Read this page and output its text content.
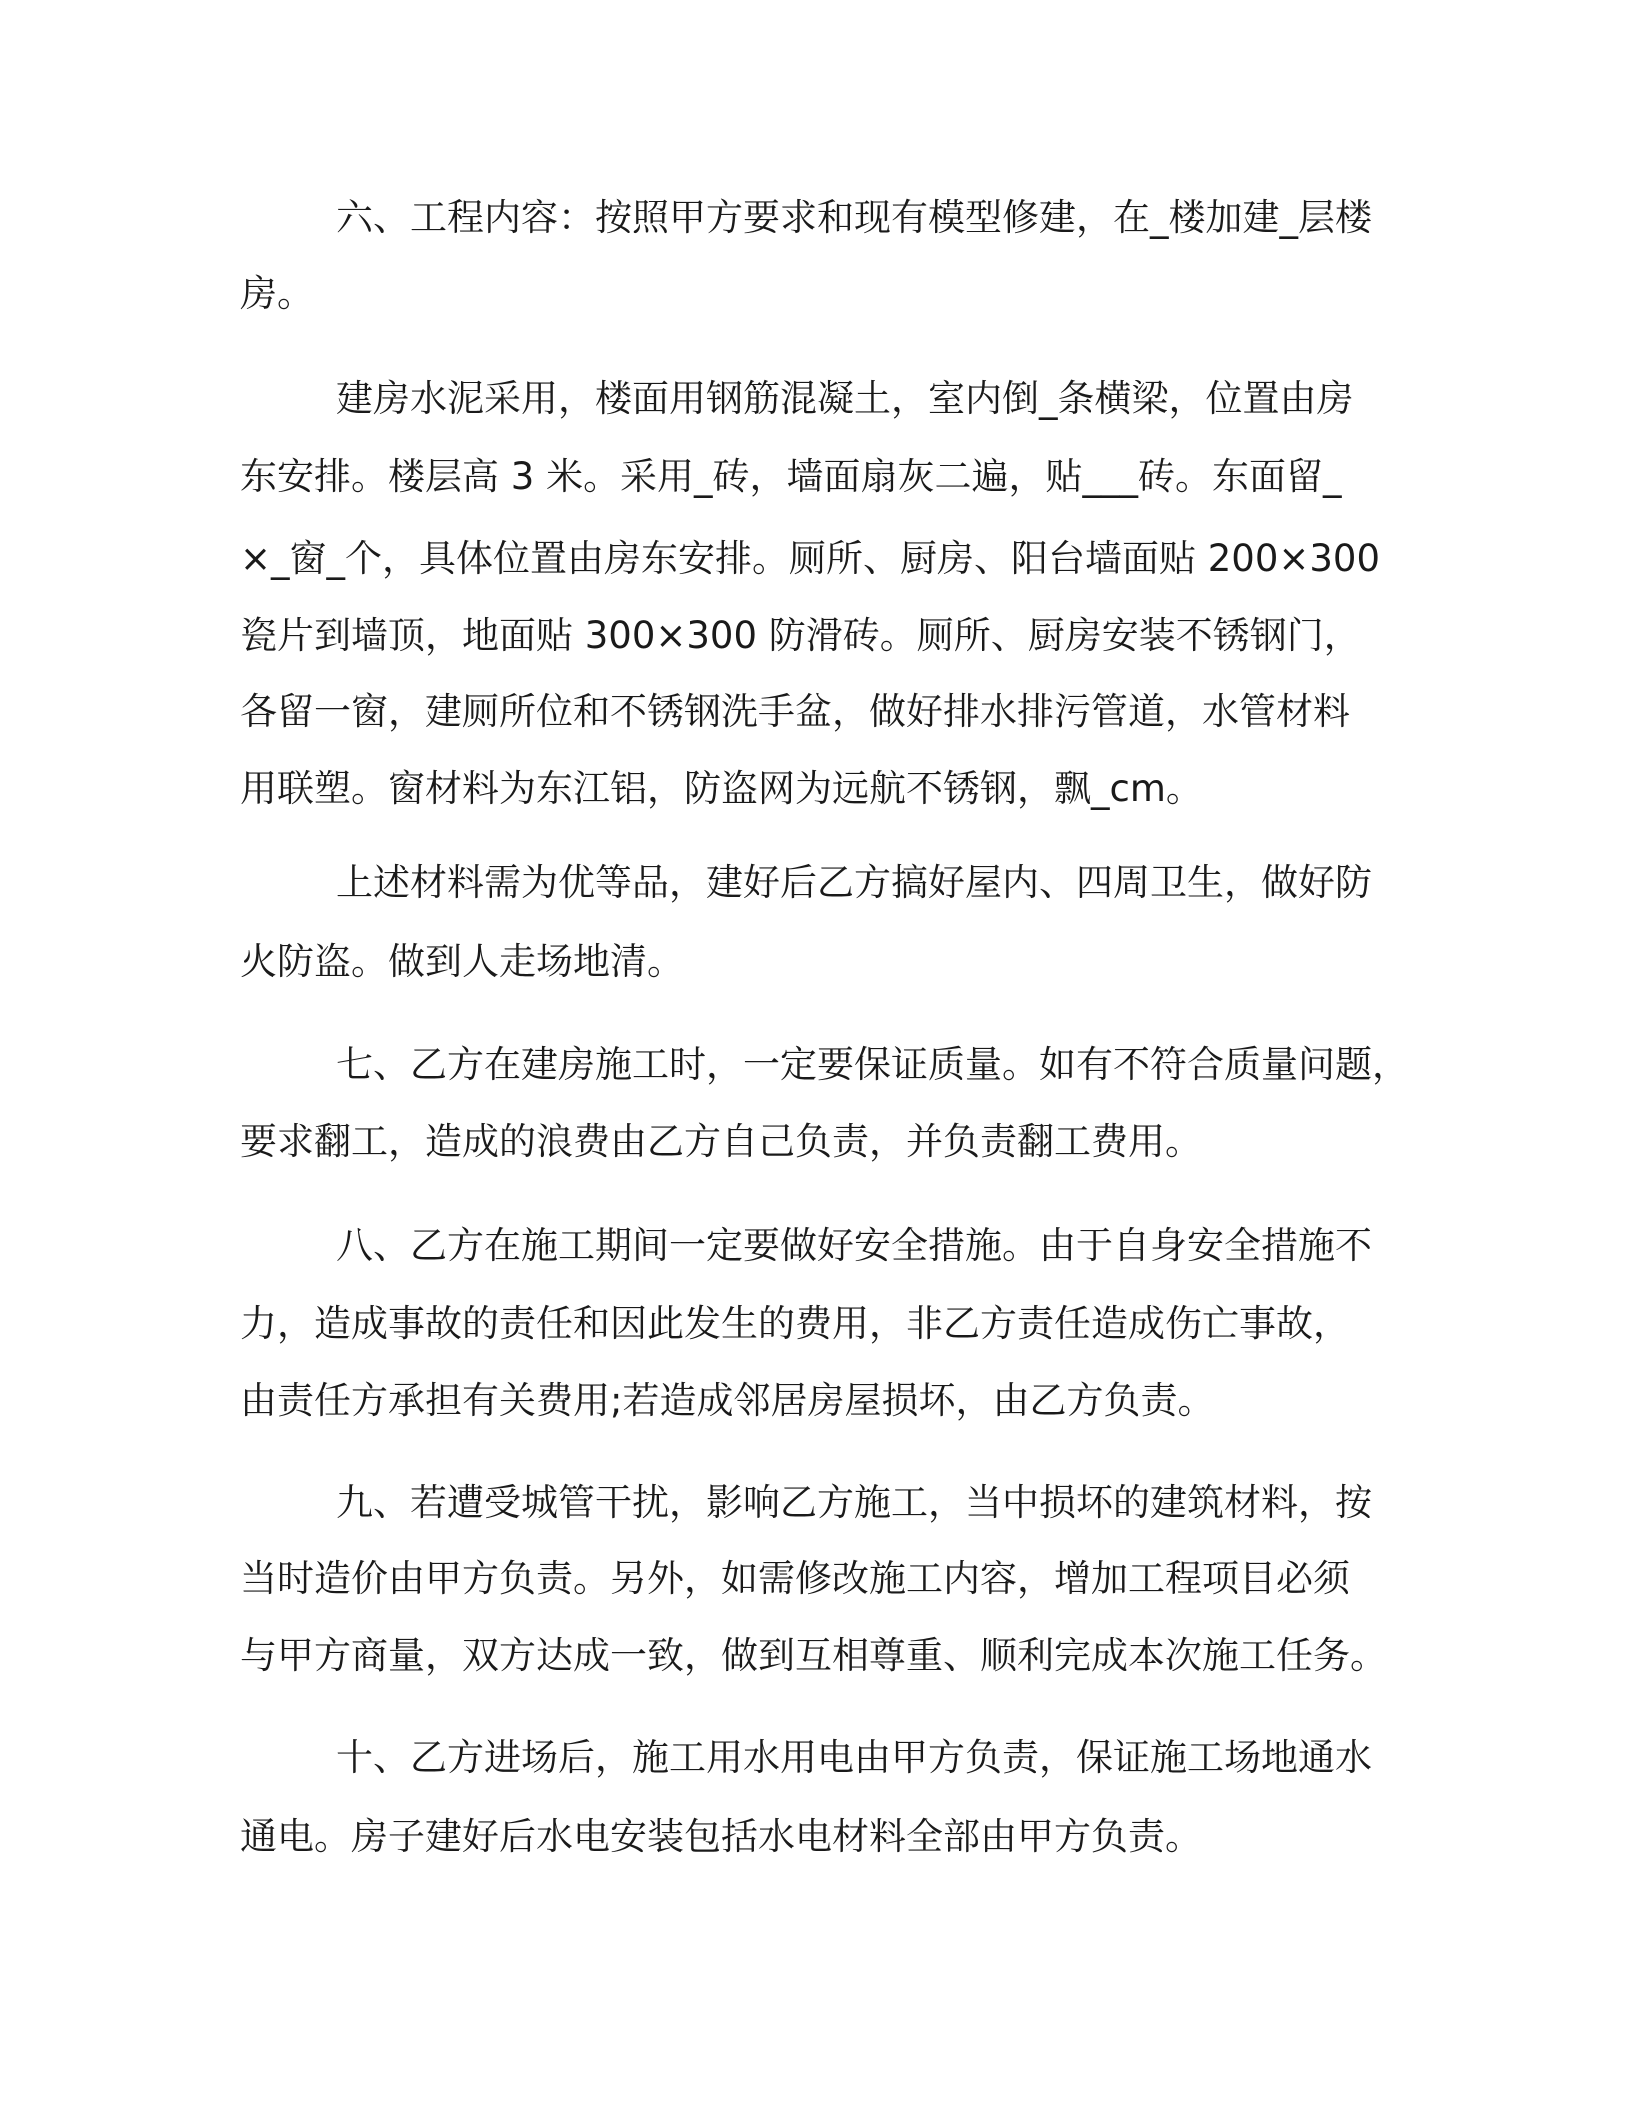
六、工程内容：按照甲方要求和现有模型修建，在_楼加建_层楼
房。
建房水泥采用，楼面用钢筋混凝土，室内倒_条横梁，位置由房
东安排。楼层高 3 米。采用_砖，墙面扇灰二遍，贴___砖。东面留_
×_窗_个，具体位置由房东安排。厕所、厨房、阳台墙面贴 200×300
瓷片到墙顶，地面贴 300×300 防滑砖。厕所、厨房安装不锈钢门，
各留一窗，建厕所位和不锈钢洗手盆，做好排水排污管道，水管材料
用联塑。窗材料为东江铝，防盗网为远航不锈钢，飘_cm。
上述材料需为优等品，建好后乙方搞好屋内、四周卫生，做好防
火防盗。做到人走场地清。
七、乙方在建房施工时，一定要保证质量。如有不符合质量问题，
要求翻工，造成的浪费由乙方自己负责，并负责翻工费用。
八、乙方在施工期间一定要做好安全措施。由于自身安全措施不
力，造成事故的责任和因此发生的费用，非乙方责任造成伤亡事故，
由责任方承担有关费用;若造成邻居房屋损坏，由乙方负责。
九、若遭受城管干扰，影响乙方施工，当中损坏的建筑材料，按
当时造价由甲方负责。另外，如需修改施工内容，增加工程项目必须
与甲方商量，双方达成一致，做到互相尊重、顺利完成本次施工任务。
十、乙方进场后，施工用水用电由甲方负责，保证施工场地通水
通电。房子建好后水电安装包括水电材料全部由甲方负责。
